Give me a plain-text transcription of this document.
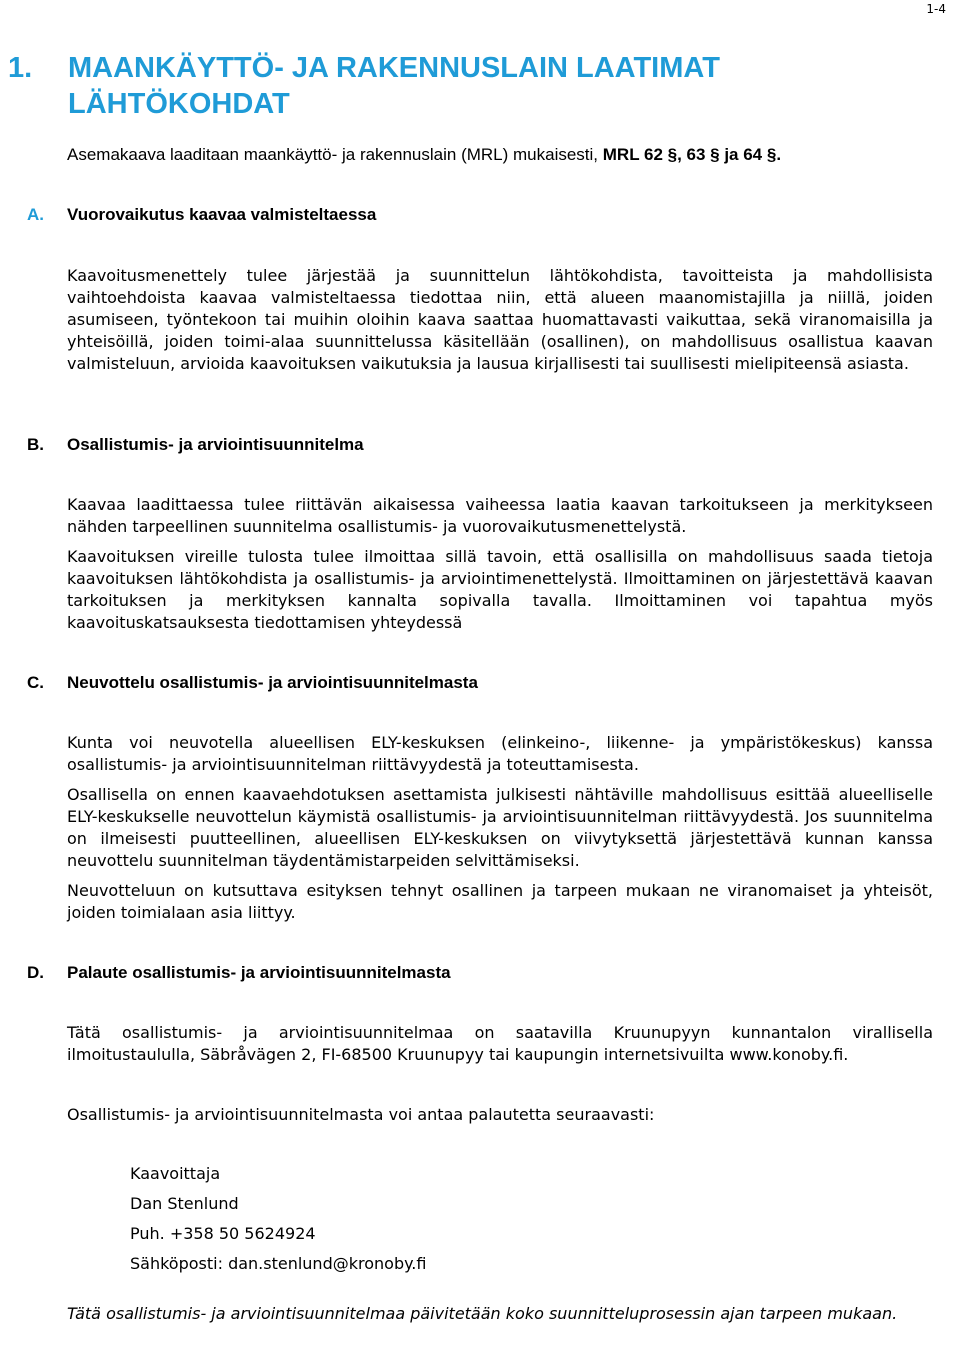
1-4
1. MAANKÄYTTÖ- JA RAKENNUSLAIN LAATIMAT LÄHTÖKOHDAT
Asemakaava laaditaan maankäyttö- ja rakennuslain (MRL) mukaisesti, MRL 62 §, 63 § ja 64 §.
A. Vuorovaikutus kaavaa valmisteltaessa
Kaavoitusmenettely tulee järjestää ja suunnittelun lähtökohdista, tavoitteista ja mahdollisista vaihtoehdoista kaavaa valmisteltaessa tiedottaa niin, että alueen maanomistajilla ja niillä, joiden asumiseen, työntekoon tai muihin oloihin kaava saattaa huomattavasti vaikuttaa, sekä viranomaisilla ja yhteisöillä, joiden toimi-alaa suunnittelussa käsitellään (osallinen), on mahdollisuus osallistua kaavan valmisteluun, arvioida kaavoituksen vaikutuksia ja lausua kirjallisesti tai suullisesti mielipiteensä asiasta.
B. Osallistumis- ja arviointisuunnitelma
Kaavaa laadittaessa tulee riittävän aikaisessa vaiheessa laatia kaavan tarkoitukseen ja merkitykseen nähden tarpeellinen suunnitelma osallistumis- ja vuorovaikutusmenettelystä.
Kaavoituksen vireille tulosta tulee ilmoittaa sillä tavoin, että osallisilla on mahdollisuus saada tietoja kaavoituksen lähtökohdista ja osallistumis- ja arviointimenettelystä. Ilmoittaminen on järjestettävä kaavan tarkoituksen ja merkityksen kannalta sopivalla tavalla. Ilmoittaminen voi tapahtua myös kaavoituskatsauksesta tiedottamisen yhteydessä
C. Neuvottelu osallistumis- ja arviointisuunnitelmasta
Kunta voi neuvotella alueellisen ELY-keskuksen (elinkeino-, liikenne- ja ympäristökeskus) kanssa osallistumis- ja arviointisuunnitelman riittävyydestä ja toteuttamisesta.
Osallisella on ennen kaavaehdotuksen asettamista julkisesti nähtäville mahdollisuus esittää alueelliselle ELY-keskukselle neuvottelun käymistä osallistumis- ja arviointisuunnitelman riittävyydestä. Jos suunnitelma on ilmeisesti puutteellinen, alueellisen ELY-keskuksen on viivytyksettä järjestettävä kunnan kanssa neuvottelu suunnitelman täydentämistarpeiden selvittämiseksi.
Neuvotteluun on kutsuttava esityksen tehnyt osallinen ja tarpeen mukaan ne viranomaiset ja yhteisöt, joiden toimialaan asia liittyy.
D. Palaute osallistumis- ja arviointisuunnitelmasta
Tätä osallistumis- ja arviointisuunnitelmaa on saatavilla Kruunupyyn kunnantalon virallisella ilmoitustaululla, Säbråvägen 2, FI-68500 Kruunupyy tai kaupungin internetsivuilta www.konoby.fi.
Osallistumis- ja arviointisuunnitelmasta voi antaa palautetta seuraavasti:
Kaavoittaja
Dan Stenlund
Puh. +358 50 5624924
Sähköposti: dan.stenlund@kronoby.fi
Tätä osallistumis- ja arviointisuunnitelmaa päivitetään koko suunnitteluprosessin ajan tarpeen mukaan.
